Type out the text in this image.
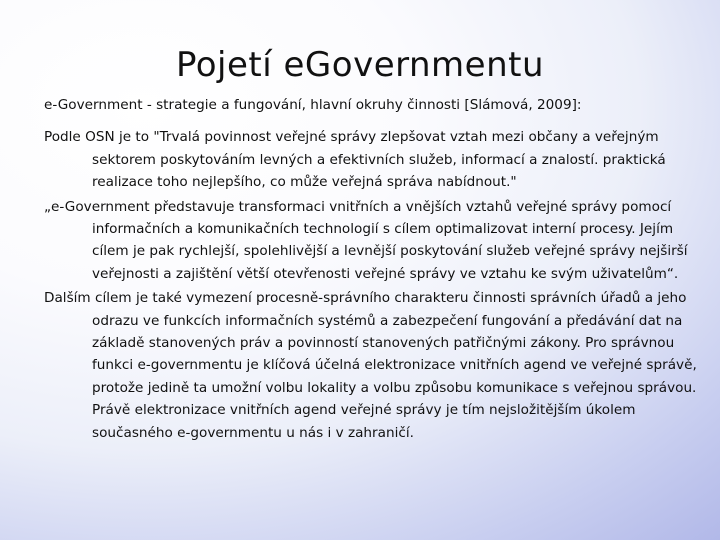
Pojetí eGovernmentu

e-Government - strategie a fungování, hlavní okruhy činnosti [Slámová, 2009]:

Podle OSN je to "Trvalá povinnost veřejné správy zlepšovat vztah mezi občany a veřejným sektorem poskytováním levných a efektivních služeb, informací a znalostí. praktická realizace toho nejlepšího, co může veřejná správa nabídnout."

„e-Government představuje transformaci vnitřních a vnějších vztahů veřejné správy pomocí informačních a komunikačních technologií s cílem optimalizovat interní procesy. Jejím cílem je pak rychlejší, spolehlivější a levnější poskytování služeb veřejné správy nejširší veřejnosti a zajištění větší otevřenosti veřejné správy ve vztahu ke svým uživatelům“.

Dalším cílem je také vymezení procesně-správního charakteru činnosti správních úřadů a jeho odrazu ve funkcích informačních systémů a zabezpečení fungování a předávání dat na základě stanovených práv a povinností stanovených patřičnými zákony. Pro správnou funkci e-governmentu je klíčová účelná elektronizace vnitřních agend ve veřejné správě, protože jedině ta umožní volbu lokality a volbu způsobu komunikace s veřejnou správou. Právě elektronizace vnitřních agend veřejné správy je tím nejsložitějším úkolem současného e-governmentu u nás i v zahraničí.
